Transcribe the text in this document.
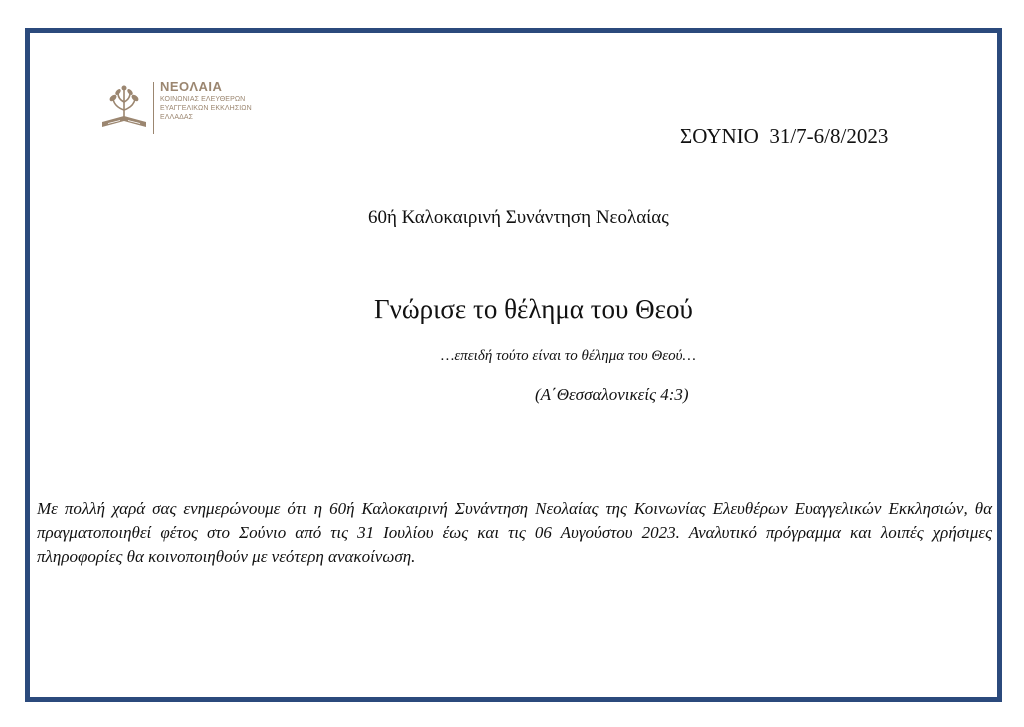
ΝΕΟΛΑΙΑ
ΚΟΙΝΩΝΙΑΣ ΕΛΕΥΘΕΡΩΝ
ΕΥΑΓΓΕΛΙΚΩΝ ΕΚΚΛΗΣΙΩΝ
ΕΛΛΑΔΑΣ
ΣΟΥΝΙΟ  31/7-6/8/2023
60ή Καλοκαιρινή Συνάντηση Νεολαίας
Γνώρισε το θέλημα του Θεού
…επειδή τούτο είναι το θέλημα του Θεού…
(Α΄Θεσσαλονικείς 4:3)

Με πολλή χαρά σας ενημερώνουμε ότι η 60ή Καλοκαιρινή Συνάντηση Νεολαίας της Κοινωνίας Ελευθέρων Ευαγγελικών Εκκλησιών, θα πραγματοποιηθεί φέτος στο Σούνιο από τις 31 Ιουλίου έως και τις 06 Αυγούστου 2023. Αναλυτικό πρόγραμμα και λοιπές χρήσιμες πληροφορίες θα κοινοποιηθούν με νεότερη ανακοίνωση.
